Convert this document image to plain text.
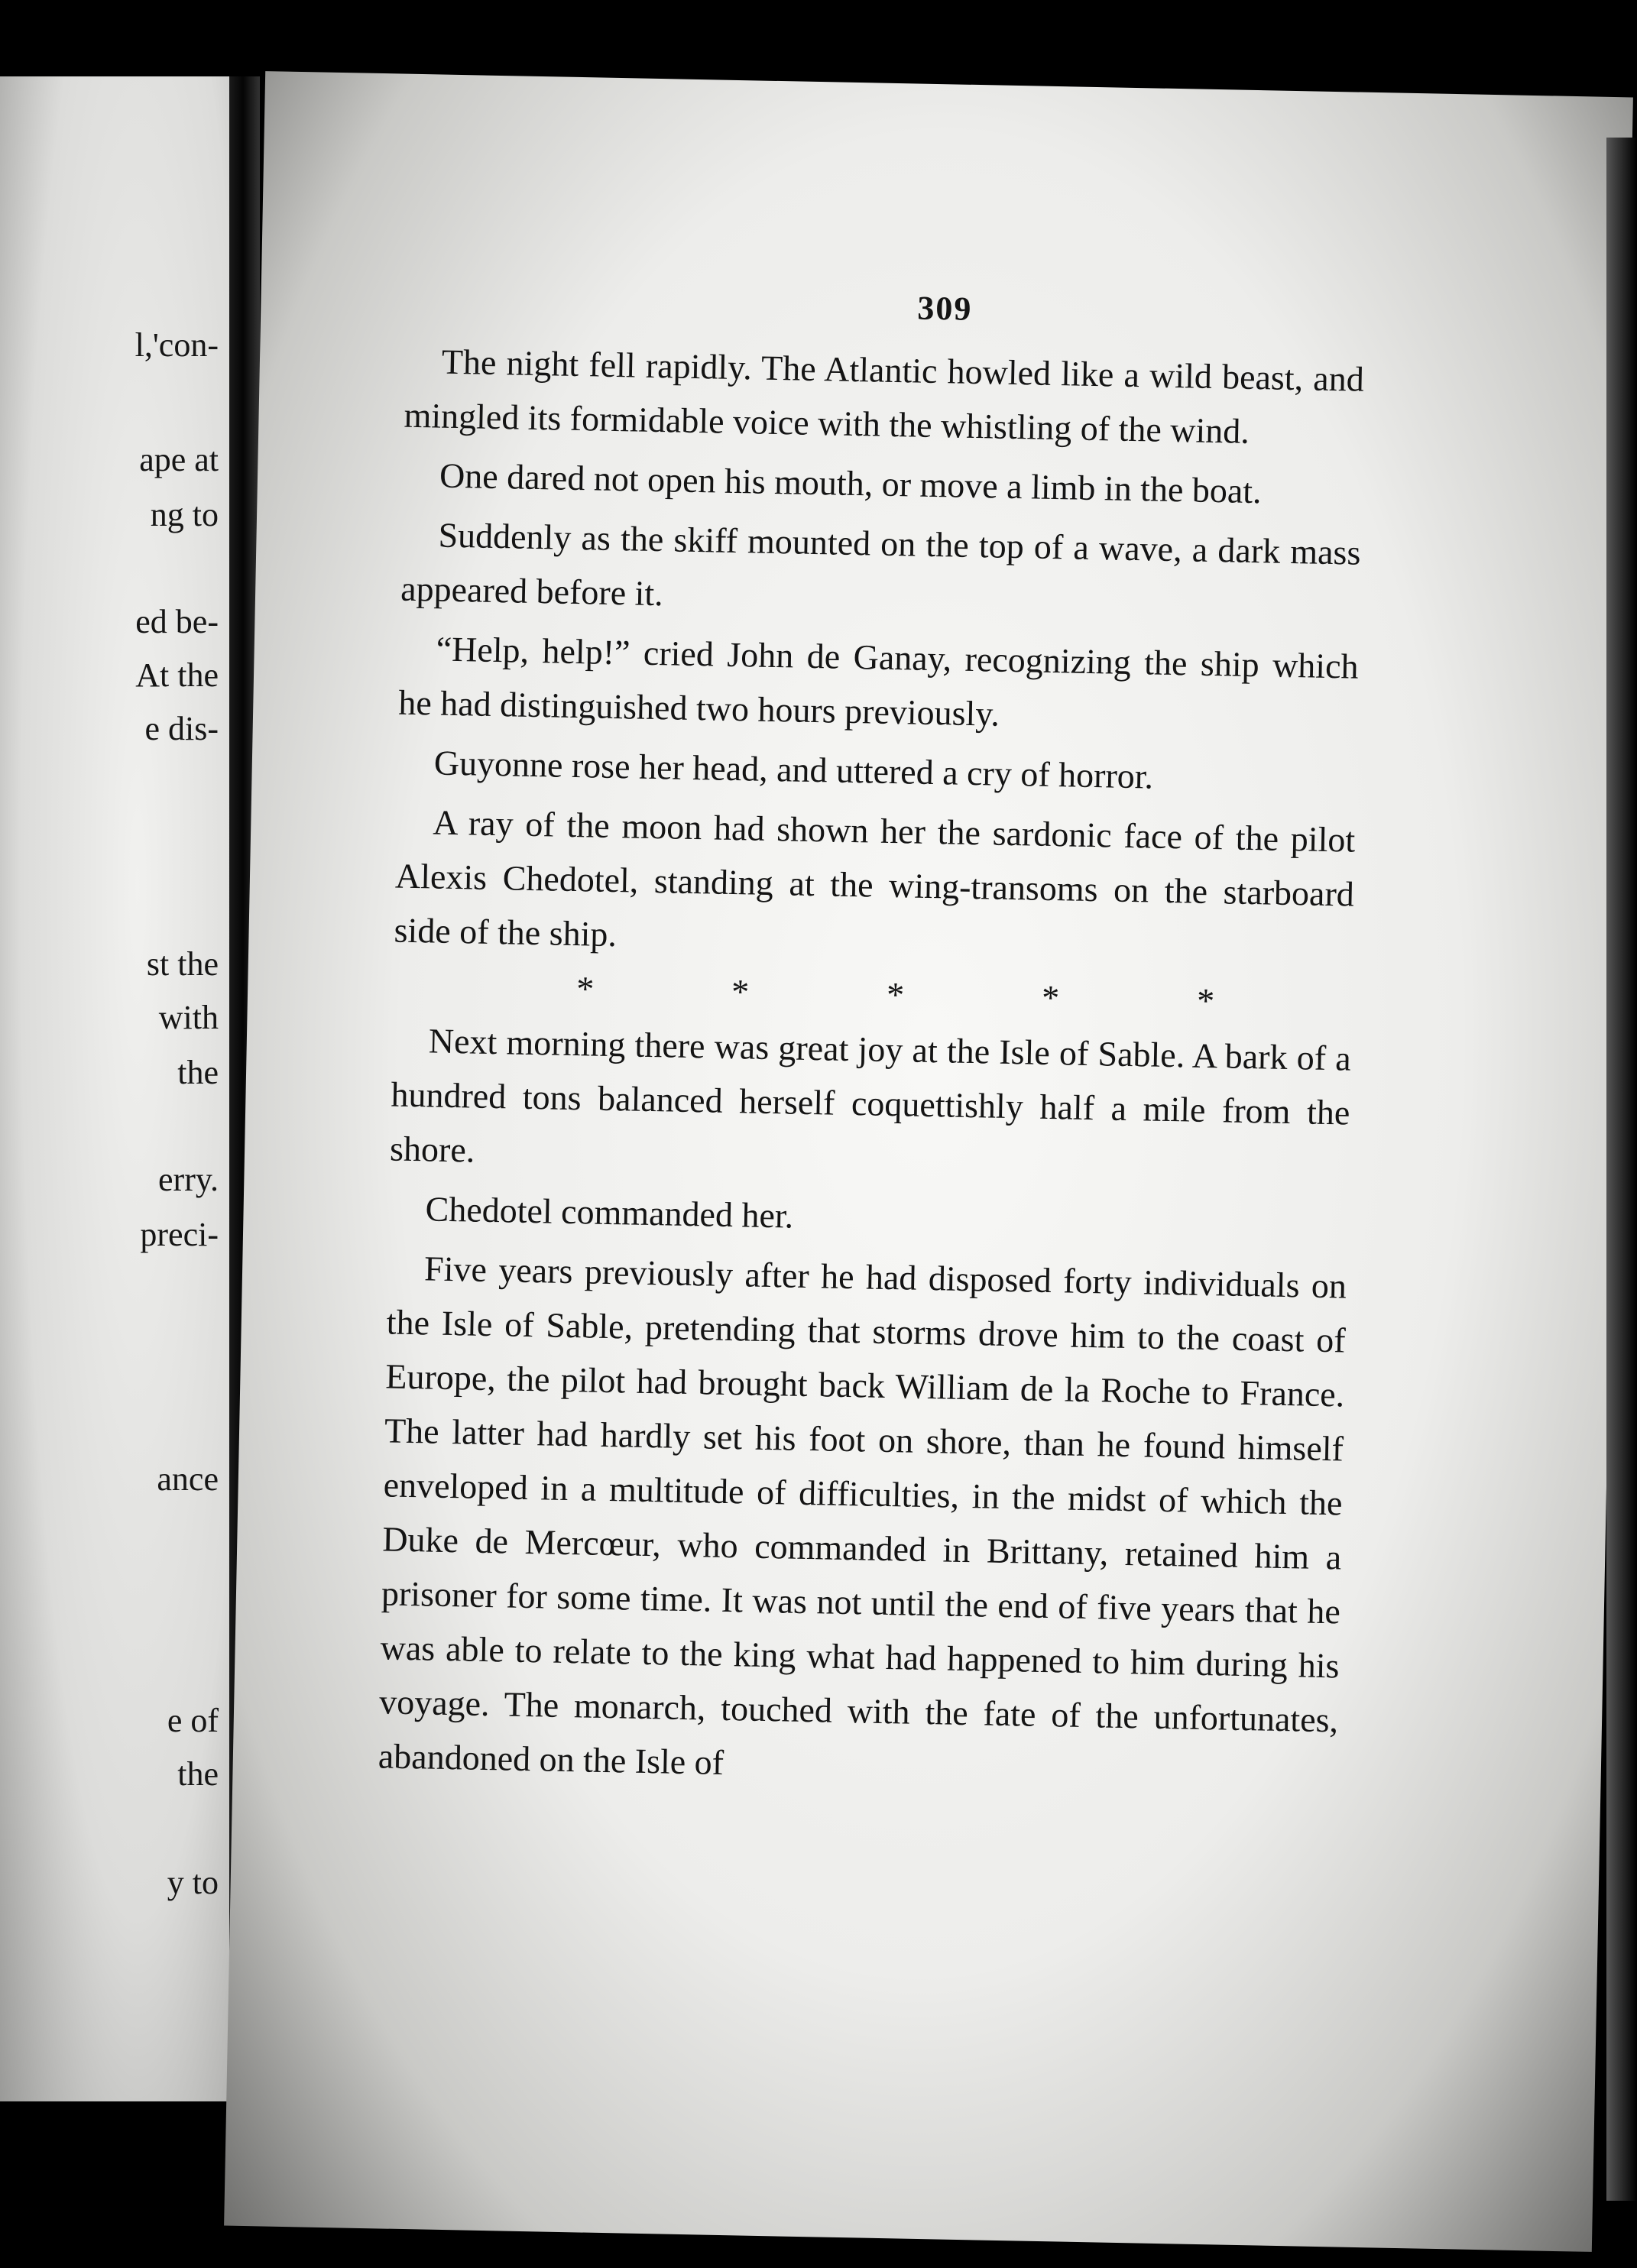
l,'con-
ape at
ng to
ed be-
At the
e dis-
st the
with
the
erry.
preci-
ance
e of
the
y to
309

The night fell rapidly. The Atlantic howled like a wild beast, and mingled its formidable voice with the whistling of the wind.

One dared not open his mouth, or move a limb in the boat.

Suddenly as the skiff mounted on the top of a wave, a dark mass appeared before it.

“Help, help!” cried John de Ganay, recognizing the ship which he had distinguished two hours previously.

Guyonne rose her head, and uttered a cry of horror.

A ray of the moon had shown her the sardonic face of the pilot Alexis Chedotel, standing at the wing-transoms on the starboard side of the ship.

*	*	*	*	*

Next morning there was great joy at the Isle of Sable. A bark of a hundred tons balanced herself coquettishly half a mile from the shore.

Chedotel commanded her.

Five years previously after he had disposed forty individuals on the Isle of Sable, pretending that storms drove him to the coast of Europe, the pilot had brought back William de la Roche to France. The latter had hardly set his foot on shore, than he found himself enveloped in a multitude of difficulties, in the midst of which the Duke de Mercœur, who commanded in Brittany, retained him a prisoner for some time. It was not until the end of five years that he was able to relate to the king what had happened to him during his voyage. The monarch, touched with the fate of the unfortunates, abandoned on the Isle of
